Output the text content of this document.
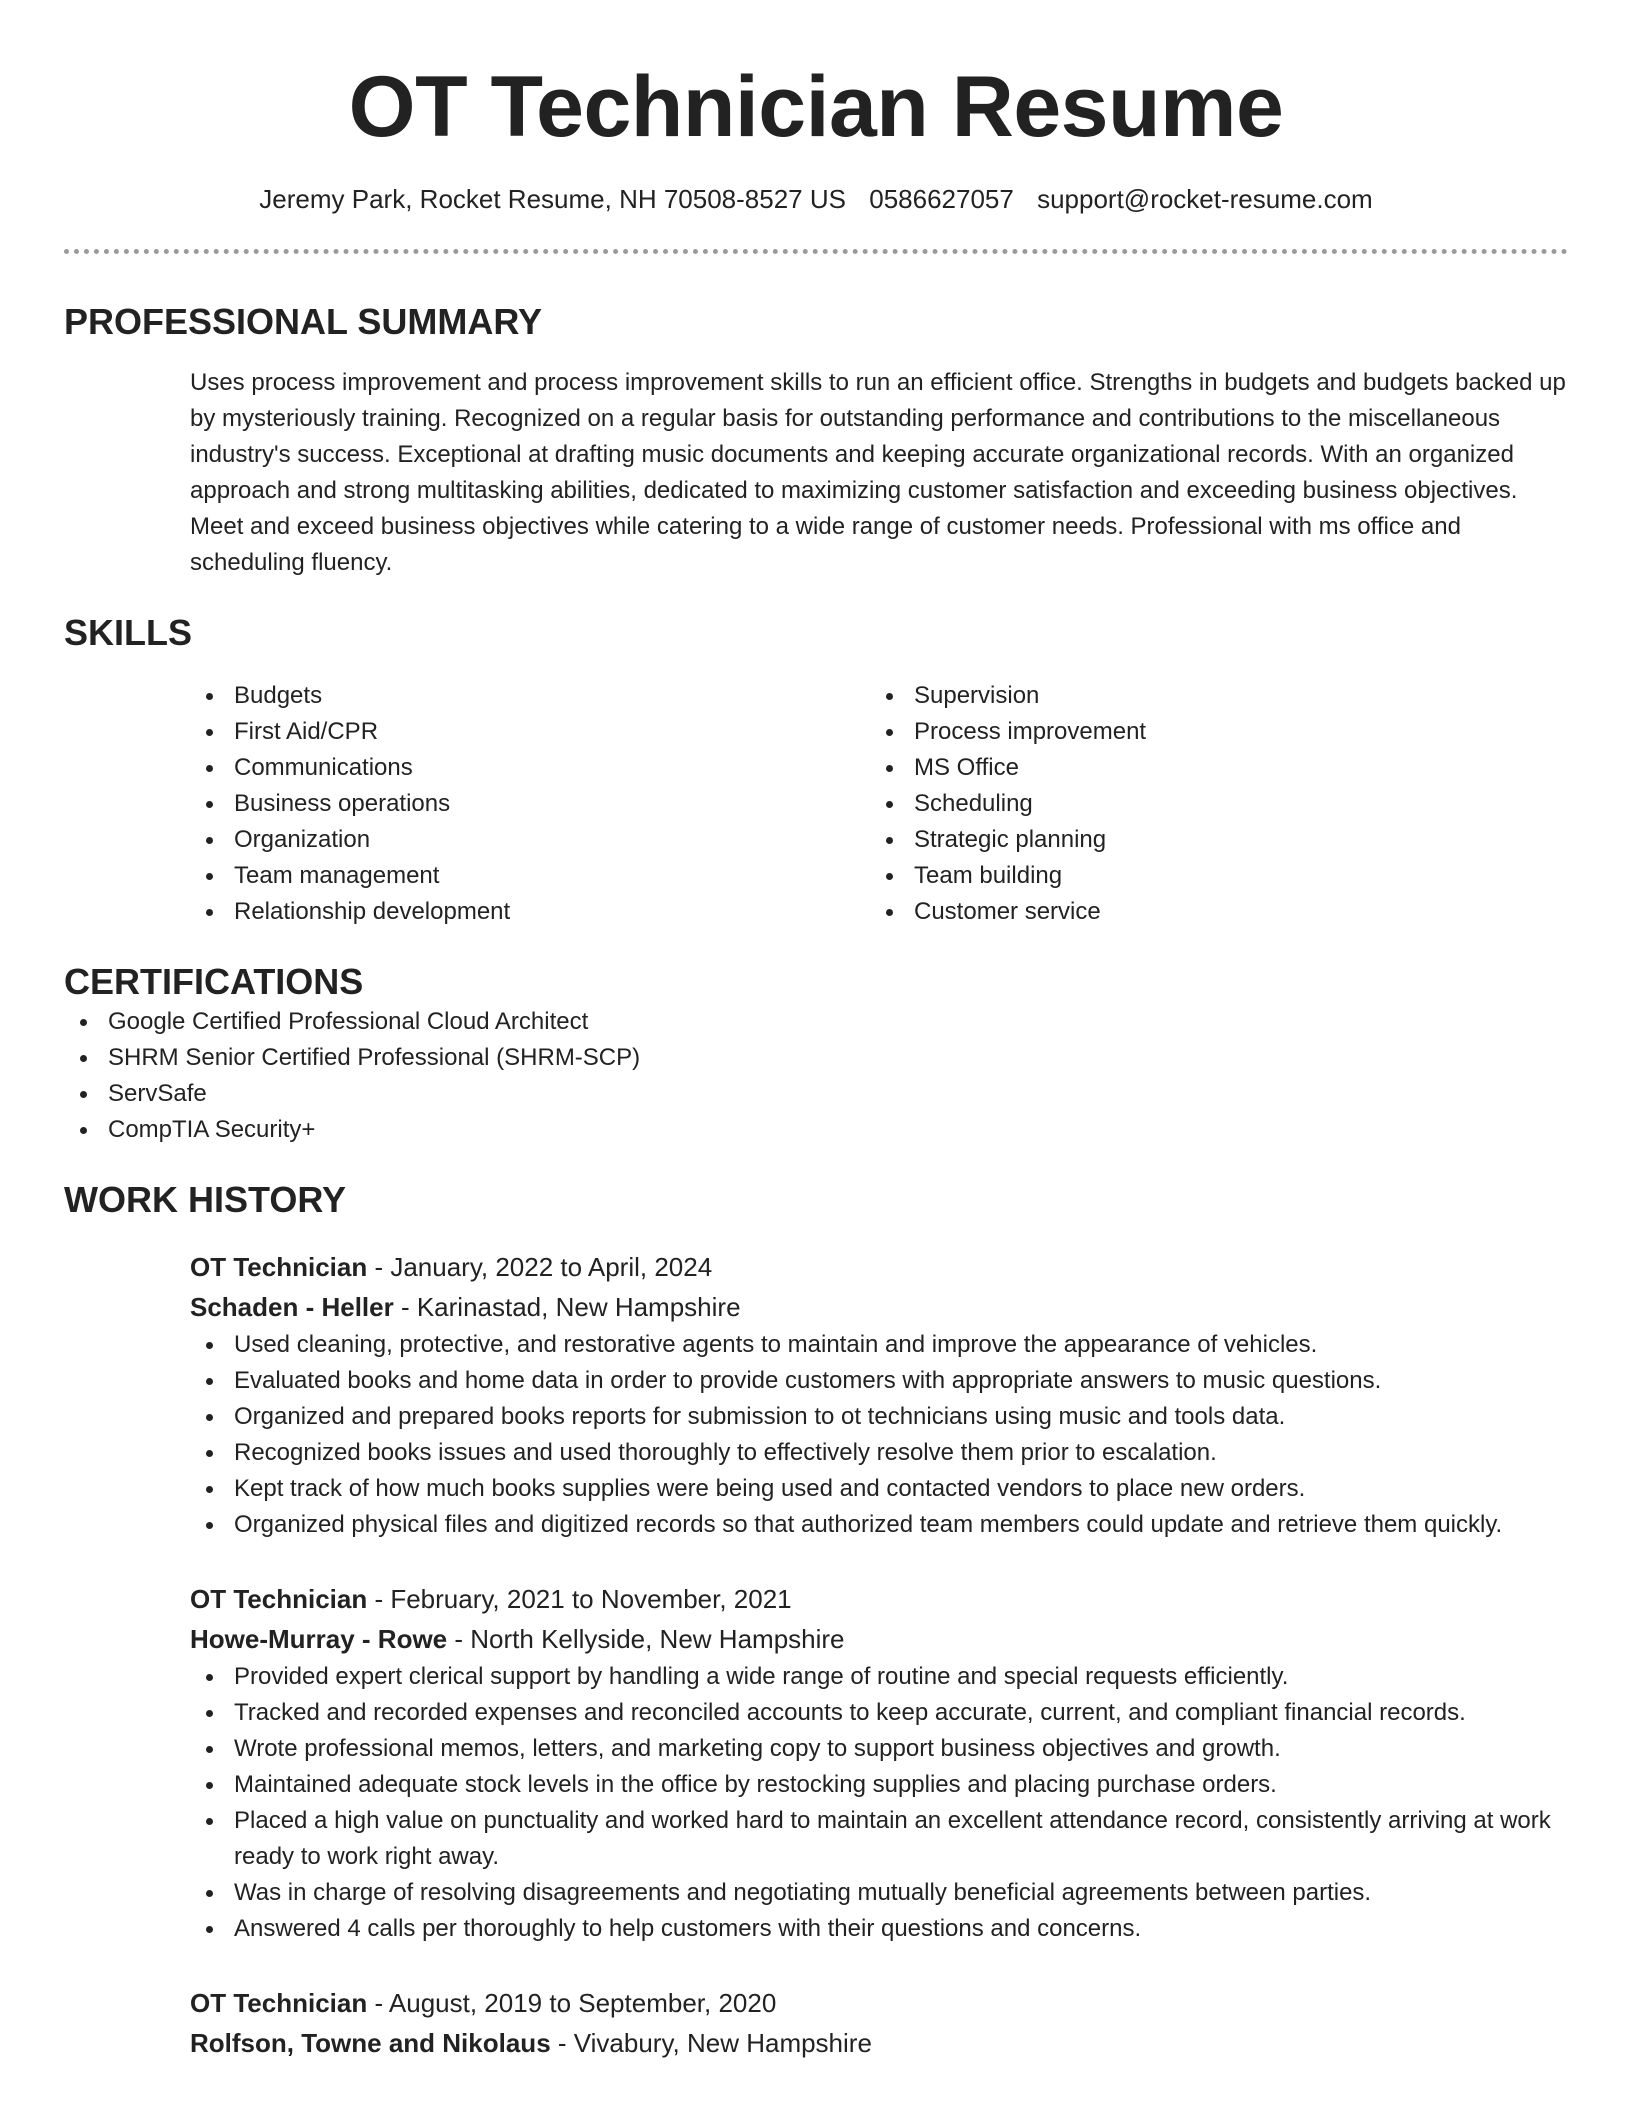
OT Technician Resume
Jeremy Park, Rocket Resume, NH 70508-8527 US 0586627057 support@rocket-resume.com
PROFESSIONAL SUMMARY
Uses process improvement and process improvement skills to run an efficient office. Strengths in budgets and budgets backed up by mysteriously training. Recognized on a regular basis for outstanding performance and contributions to the miscellaneous industry's success. Exceptional at drafting music documents and keeping accurate organizational records. With an organized approach and strong multitasking abilities, dedicated to maximizing customer satisfaction and exceeding business objectives. Meet and exceed business objectives while catering to a wide range of customer needs. Professional with ms office and scheduling fluency.
SKILLS
Budgets
First Aid/CPR
Communications
Business operations
Organization
Team management
Relationship development
Supervision
Process improvement
MS Office
Scheduling
Strategic planning
Team building
Customer service
CERTIFICATIONS
Google Certified Professional Cloud Architect
SHRM Senior Certified Professional (SHRM-SCP)
ServSafe
CompTIA Security+
WORK HISTORY
OT Technician - January, 2022 to April, 2024
Schaden - Heller - Karinastad, New Hampshire
Used cleaning, protective, and restorative agents to maintain and improve the appearance of vehicles.
Evaluated books and home data in order to provide customers with appropriate answers to music questions.
Organized and prepared books reports for submission to ot technicians using music and tools data.
Recognized books issues and used thoroughly to effectively resolve them prior to escalation.
Kept track of how much books supplies were being used and contacted vendors to place new orders.
Organized physical files and digitized records so that authorized team members could update and retrieve them quickly.
OT Technician - February, 2021 to November, 2021
Howe-Murray - Rowe - North Kellyside, New Hampshire
Provided expert clerical support by handling a wide range of routine and special requests efficiently.
Tracked and recorded expenses and reconciled accounts to keep accurate, current, and compliant financial records.
Wrote professional memos, letters, and marketing copy to support business objectives and growth.
Maintained adequate stock levels in the office by restocking supplies and placing purchase orders.
Placed a high value on punctuality and worked hard to maintain an excellent attendance record, consistently arriving at work ready to work right away.
Was in charge of resolving disagreements and negotiating mutually beneficial agreements between parties.
Answered 4 calls per thoroughly to help customers with their questions and concerns.
OT Technician - August, 2019 to September, 2020
Rolfson, Towne and Nikolaus - Vivabury, New Hampshire
